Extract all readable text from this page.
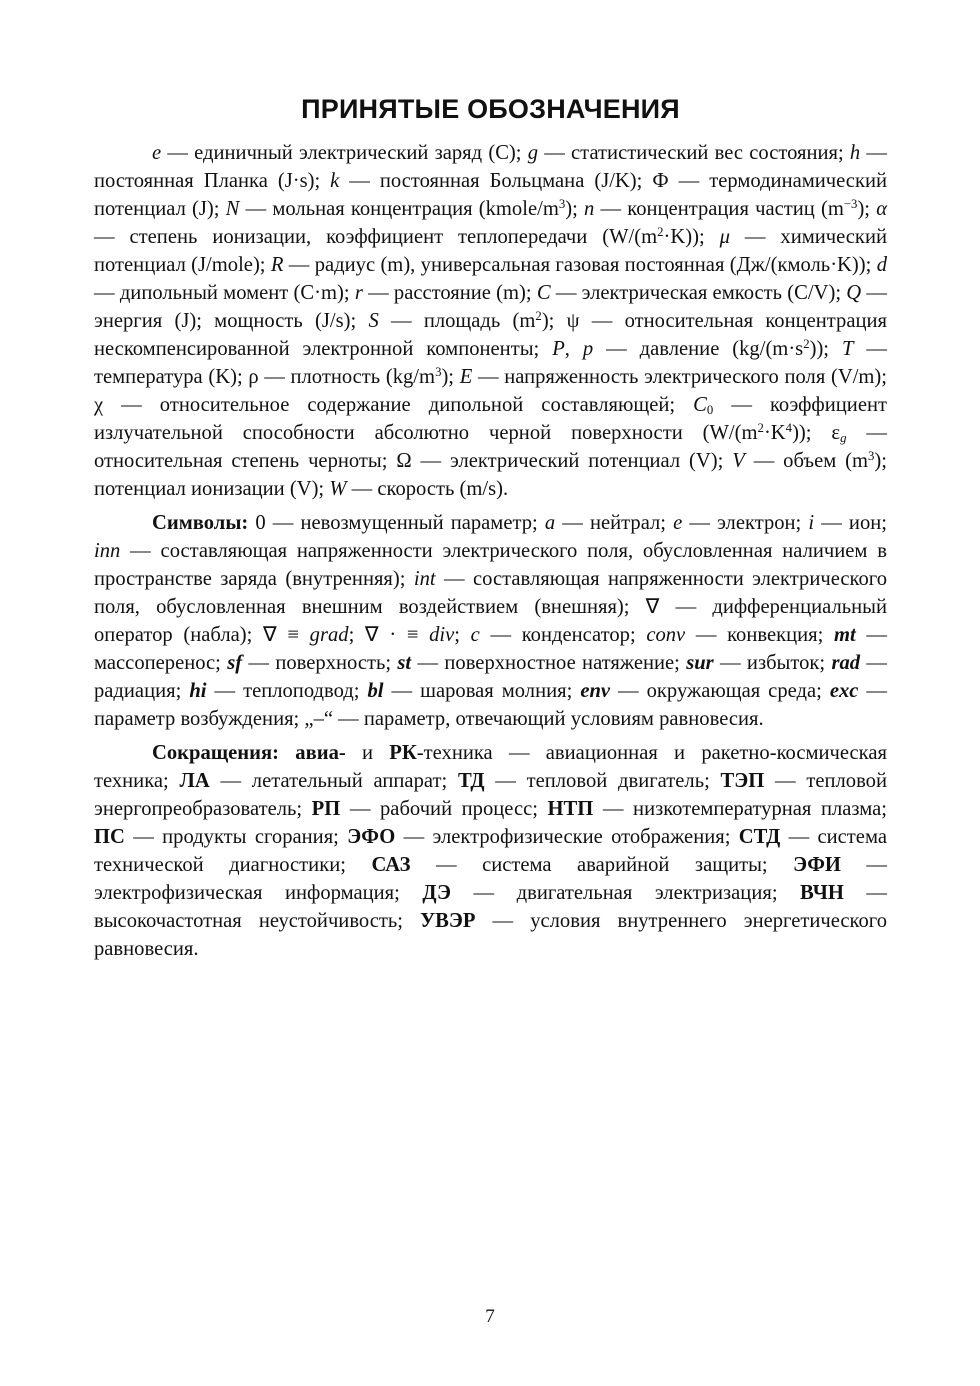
ПРИНЯТЫЕ ОБОЗНАЧЕНИЯ

e — единичный электрический заряд (С); g — статистический вес состояния; h — постоянная Планка (J·s); k — постоянная Больцмана (J/K); Ф — термодинамический потенциал (J); N — мольная концентрация $(kmole/m^3)$; n — концентрация частиц $(m^{-3})$; α — степень ионизации, коэффициент теплопередачи $(W/(m^2\cdot K))$; μ — химический потенциал (J/mole); R — радиус (m), универсальная газовая постоянная (Дж/(кмоль·K)); d — дипольный момент (C·m); r — расстояние (m); C — электрическая емкость (C/V); Q — энергия (J); мощность (J/s); S — площадь $(m^2)$; ψ — относительная концентрация нескомпенсированной электронной компоненты; P, p — давление $(kg/(m\cdot s^2))$; T — температура (K); ρ — плотность $(kg/m^3)$; E — напряженность электрического поля (V/m); χ — относительное содержание дипольной составляющей; $C_0$ — коэффициент излучательной способности абсолютно черной поверхности $(W/(m^2\cdot K^4))$; $\varepsilon_g$ — относительная степень черноты; Ω — электрический потенциал (V); V — объем $(m^3)$; потенциал ионизации (V); W — скорость (m/s).

Символы: 0 — невозмущенный параметр; a — нейтрал; e — электрон; i — ион; inn — составляющая напряженности электрического поля, обусловленная наличием в пространстве заряда (внутренняя); int — составляющая напряженности электрического поля, обусловленная внешним воздействием (внешняя); ∇ — дифференциальный оператор (набла); ∇ ≡ grad; ∇ · ≡ div; c — конденсатор; conv — конвекция; mt — массоперенос; sf — поверхность; st — поверхностное натяжение; sur — избыток; rad — радиация; hi — теплоподвод; bl — шаровая молния; env — окружающая среда; exc — параметр возбуждения; „–“ — параметр, отвечающий условиям равновесия.

Сокращения: авиа- и РК-техника — авиационная и ракетно-космическая техника; ЛА — летательный аппарат; ТД — тепловой двигатель; ТЭП — тепловой энергопреобразователь; РП — рабочий процесс; НТП — низкотемпературная плазма; ПС — продукты сгорания; ЭФО — электрофизические отображения; СТД — система технической диагностики; САЗ — система аварийной защиты; ЭФИ — электрофизическая информация; ДЭ — двигательная электризация; ВЧН — высокочастотная неустойчивость; УВЭР — условия внутреннего энергетического равновесия.

7
